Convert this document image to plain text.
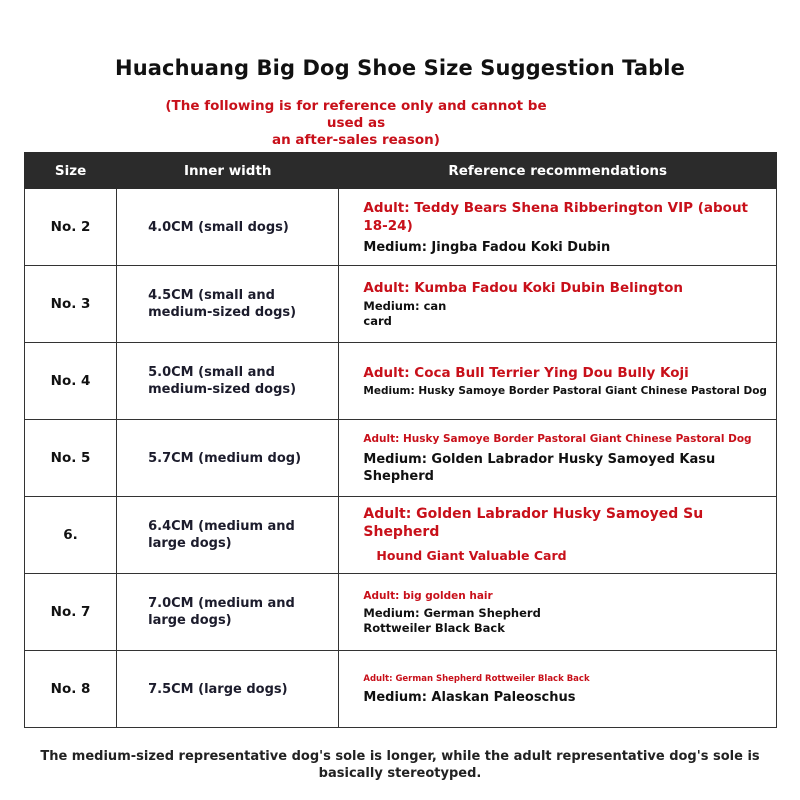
Huachuang Big Dog Shoe Size Suggestion Table
(The following is for reference only and cannot be used as
an after-sales reason)
Size	Inner width	Reference recommendations
No. 2	4.0CM (small dogs)	Adult: Teddy Bears Shena Ribberington VIP (about 18-24)
Medium: Jingba Fadou Koki Dubin

No. 3	4.5CM (small and medium-sized dogs)	Adult: Kumba Fadou Koki Dubin Belington
Medium: can
card

No. 4	5.0CM (small and medium-sized dogs)	Adult: Coca Bull Terrier Ying Dou Bully Koji
Medium: Husky Samoye Border Pastoral Giant Chinese Pastoral Dog

No. 5	5.7CM (medium dog)	Adult: Husky Samoye Border Pastoral Giant Chinese Pastoral Dog
Medium: Golden Labrador Husky Samoyed Kasu Shepherd

6.	6.4CM (medium and large dogs)	Adult: Golden Labrador Husky Samoyed Su Shepherd
Hound Giant Valuable Card

No. 7	7.0CM (medium and large dogs)	Adult: big golden hair
Medium: German Shepherd
Rottweiler Black Back

No. 8	7.5CM (large dogs)	Adult: German Shepherd Rottweiler Black Back
Medium: Alaskan Paleoschus
The medium-sized representative dog's sole is longer, while the adult representative dog's sole is basically stereotyped.
